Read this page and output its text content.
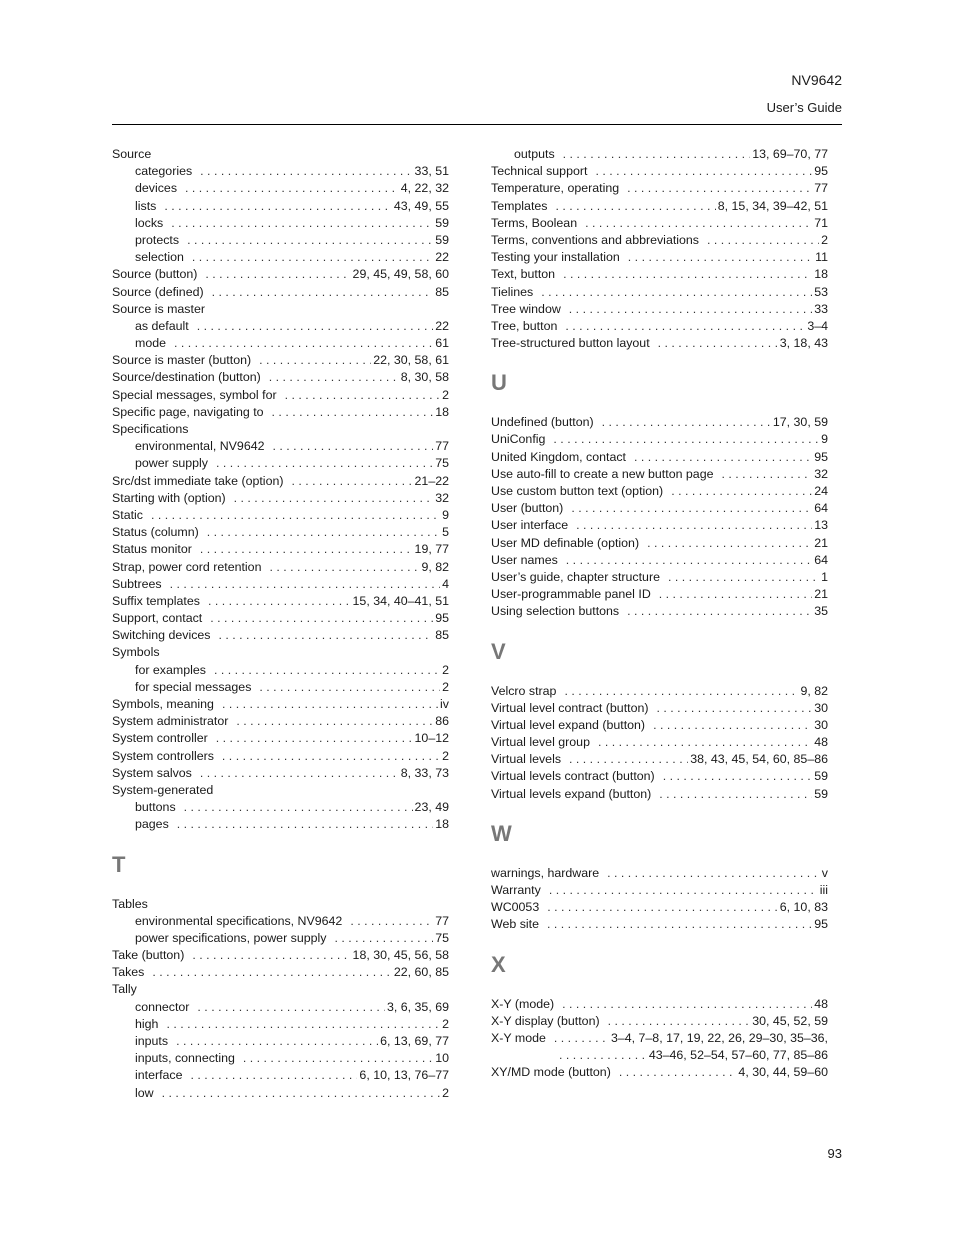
NV9642
User’s Guide
Source
categories . . .	33, 51
devices . . .	4, 22, 32
lists . . .	43, 49, 55
locks . . .	59
protects . . .	59
selection . . .	22
Source (button) . . .	29, 45, 49, 58, 60
Source (defined) . . .	85
Source is master
as default . . .	22
mode . . .	61
Source is master (button) . . .	22, 30, 58, 61
Source/destination (button) . . .	8, 30, 58
Special messages, symbol for . . .	2
Specific page, navigating to . . .	18
Specifications
environmental, NV9642 . . .	77
power supply . . .	75
Src/dst immediate take (option) . . .	21–22
Starting with (option) . . .	32
Static . . .	9
Status (column) . . .	5
Status monitor . . .	19, 77
Strap, power cord retention . . .	9, 82
Subtrees . . .	4
Suffix templates . . .	15, 34, 40–41, 51
Support, contact . . .	95
Switching devices . . .	85
Symbols
for examples . . .	2
for special messages . . .	2
Symbols, meaning . . .	iv
System administrator . . .	86
System controller . . .	10–12
System controllers . . .	2
System salvos . . .	8, 33, 73
System-generated
buttons . . .	23, 49
pages . . .	18
T
Tables
environmental specifications, NV9642 . . .	77
power specifications, power supply . . .	75
Take (button) . . .	18, 30, 45, 56, 58
Takes . . .	22, 60, 85
Tally
connector . . .	3, 6, 35, 69
high . . .	2
inputs . . .	6, 13, 69, 77
inputs, connecting . . .	10
interface . . .	6, 10, 13, 76–77
low . . .	2
outputs . . .	13, 69–70, 77
Technical support . . .	95
Temperature, operating . . .	77
Templates . . .	8, 15, 34, 39–42, 51
Terms, Boolean . . .	71
Terms, conventions and abbreviations . . .	2
Testing your installation . . .	11
Text, button . . .	18
Tielines . . .	53
Tree window . . .	33
Tree, button . . .	3–4
Tree-structured button layout . . .	3, 18, 43
U
Undefined (button) . . .	17, 30, 59
UniConfig . . .	9
United Kingdom, contact . . .	95
Use auto-fill to create a new button page . . .	32
Use custom button text (option) . . .	24
User (button) . . .	64
User interface . . .	13
User MD definable (option) . . .	21
User names . . .	64
User’s guide, chapter structure . . .	1
User-programmable panel ID . . .	21
Using selection buttons . . .	35
V
Velcro strap . . .	9, 82
Virtual level contract (button) . . .	30
Virtual level expand (button) . . .	30
Virtual level group . . .	48
Virtual levels . . .	38, 43, 45, 54, 60, 85–86
Virtual levels contract (button) . . .	59
Virtual levels expand (button) . . .	59
W
warnings, hardware . . .	v
Warranty . . .	iii
WC0053 . . .	6, 10, 83
Web site . . .	95
X
X-Y (mode) . . .	48
X-Y display (button) . . .	30, 45, 52, 59
X-Y mode . . .	3–4, 7–8, 17, 19, 22, 26, 29–30, 35–36,
. . .
43–46, 52–54, 57–60, 77, 85–86
XY/MD mode (button) . . .	4, 30, 44, 59–60
93
